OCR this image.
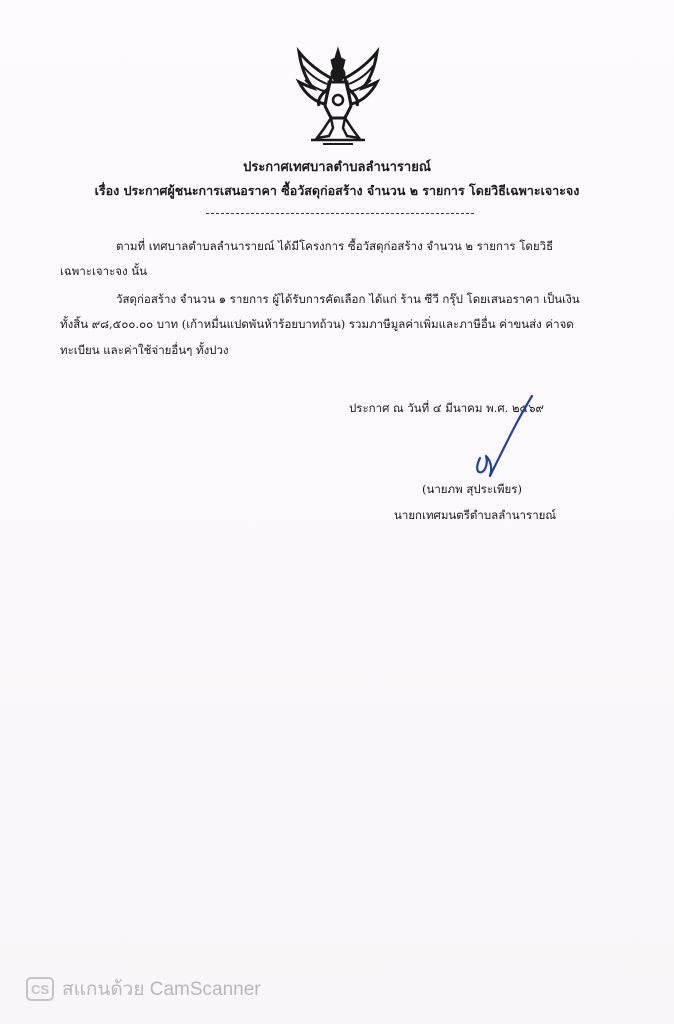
ประกาศเทศบาลตำบลลำนารายณ์
เรื่อง ประกาศผู้ชนะการเสนอราคา ซื้อวัสดุก่อสร้าง จำนวน ๒ รายการ โดยวิธีเฉพาะเจาะจง
ตามที่ เทศบาลตำบลลำนารายณ์ ได้มีโครงการ ซื้อวัสดุก่อสร้าง จำนวน ๒ รายการ โดยวิธี
เฉพาะเจาะจง นั้น
วัสดุก่อสร้าง จำนวน ๑ รายการ ผู้ได้รับการคัดเลือก ได้แก่ ร้าน ซีวี กรุ๊ป โดยเสนอราคา เป็นเงิน
ทั้งสิ้น ๙๘,๕๐๐.๐๐ บาท (เก้าหมื่นแปดพันห้าร้อยบาทถ้วน) รวมภาษีมูลค่าเพิ่มและภาษีอื่น ค่าขนส่ง ค่าจด
ทะเบียน และค่าใช้จ่ายอื่นๆ ทั้งปวง
ประกาศ ณ วันที่ ๔ มีนาคม พ.ศ. ๒๕๖๙
(นายภพ สุประเพียร)
นายกเทศมนตรีตำบลลำนารายณ์
CS สแกนด้วย CamScanner
